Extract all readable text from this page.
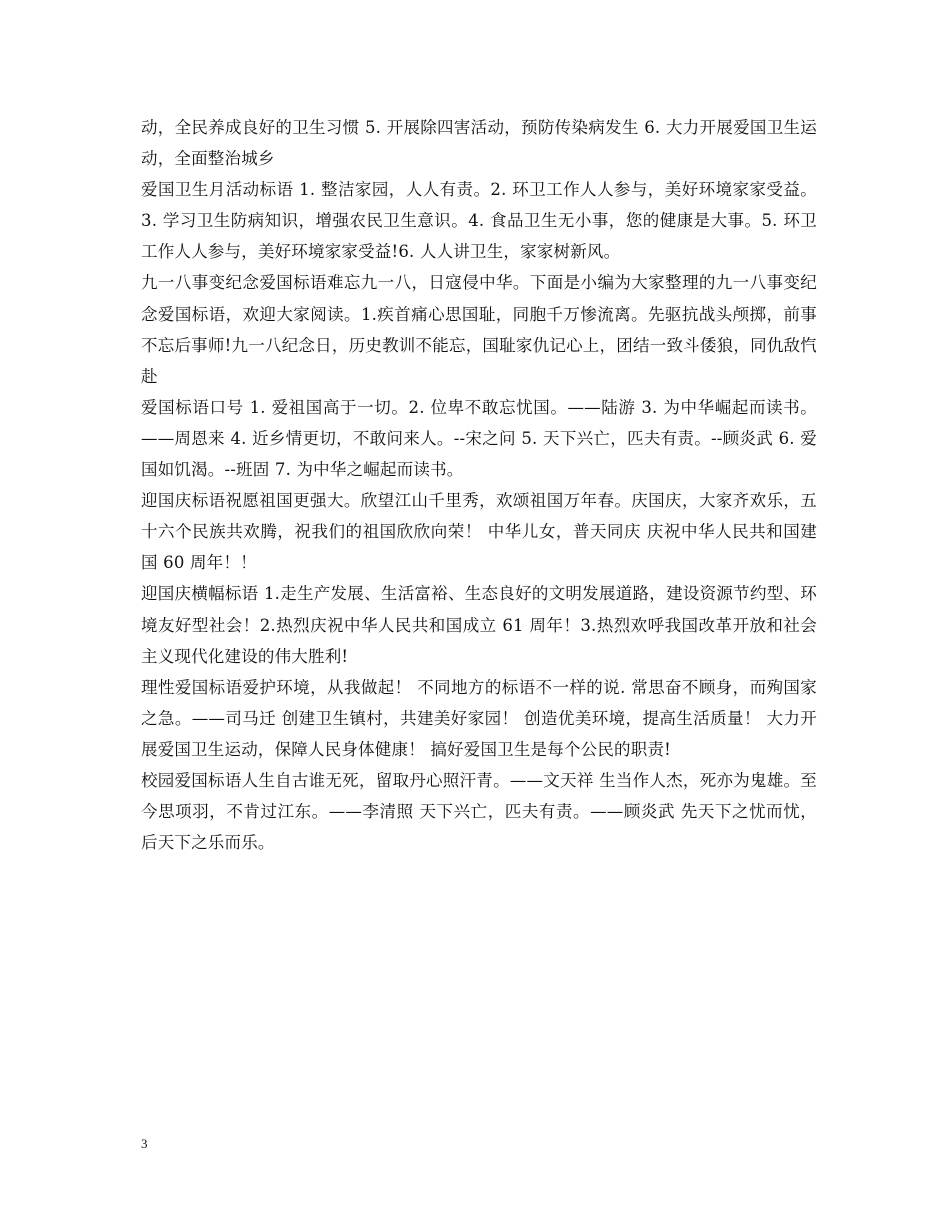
动，全民养成良好的卫生习惯 5. 开展除四害活动，预防传染病发生 6. 大力开展爱国卫生运动，全面整治城乡

爱国卫生月活动标语 1. 整洁家园，人人有责。2. 环卫工作人人参与，美好环境家家受益。3. 学习卫生防病知识，增强农民卫生意识。4. 食品卫生无小事，您的健康是大事。5. 环卫工作人人参与，美好环境家家受益!6. 人人讲卫生，家家树新风。

九一八事变纪念爱国标语难忘九一八，日寇侵中华。下面是小编为大家整理的九一八事变纪念爱国标语，欢迎大家阅读。1.疾首痛心思国耻，同胞千万惨流离。先驱抗战头颅掷，前事不忘后事师!九一八纪念日，历史教训不能忘，国耻家仇记心上，团结一致斗倭狼，同仇敌忾赴

爱国标语口号 1. 爱祖国高于一切。2. 位卑不敢忘忧国。——陆游 3. 为中华崛起而读书。——周恩来 4. 近乡情更切，不敢问来人。--宋之问 5. 天下兴亡，匹夫有责。--顾炎武 6. 爱国如饥渴。--班固 7. 为中华之崛起而读书。

迎国庆标语祝愿祖国更强大。欣望江山千里秀，欢颂祖国万年春。庆国庆，大家齐欢乐，五十六个民族共欢腾，祝我们的祖国欣欣向荣！ 中华儿女，普天同庆 庆祝中华人民共和国建国 60 周年！！

迎国庆横幅标语 1.走生产发展、生活富裕、生态良好的文明发展道路，建设资源节约型、环境友好型社会！2.热烈庆祝中华人民共和国成立 61 周年！3.热烈欢呼我国改革开放和社会主义现代化建设的伟大胜利!

理性爱国标语爱护环境，从我做起！ 不同地方的标语不一样的说. 常思奋不顾身，而殉国家之急。——司马迁 创建卫生镇村，共建美好家园！ 创造优美环境，提高生活质量！ 大力开展爱国卫生运动，保障人民身体健康！ 搞好爱国卫生是每个公民的职责!

校园爱国标语人生自古谁无死，留取丹心照汗青。——文天祥 生当作人杰，死亦为鬼雄。至今思项羽，不肯过江东。——李清照 天下兴亡，匹夫有责。——顾炎武 先天下之忧而忧，后天下之乐而乐。

3
